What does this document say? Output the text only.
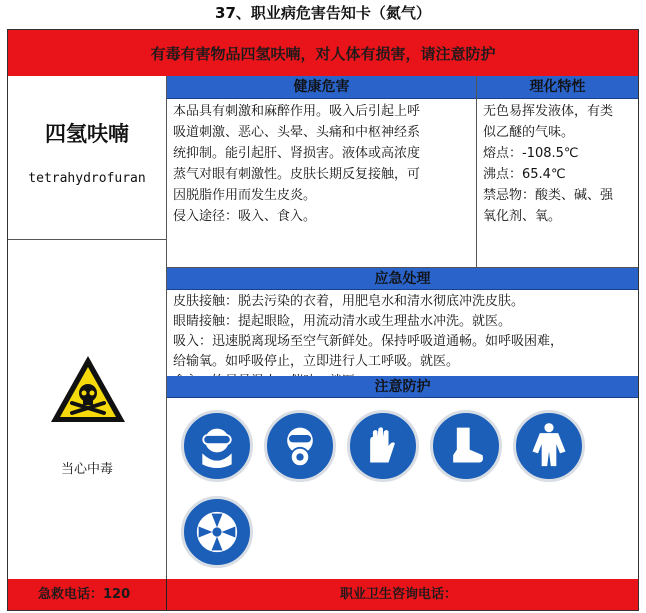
37、职业病危害告知卡（氮气）
有毒有害物品四氢呋喃，对人体有损害，请注意防护
四氢呋喃
tetrahydrofuran
健康危害
本品具有刺激和麻醉作用。吸入后引起上呼
吸道刺激、恶心、头晕、头痛和中枢神经系
统抑制。能引起肝、肾损害。液体或高浓度
蒸气对眼有刺激性。皮肤长期反复接触，可
因脱脂作用而发生皮炎。
侵入途径：吸入、食入。
理化特性
无色易挥发液体，有类
似乙醚的气味。
熔点：-108.5℃
沸点：65.4℃
禁忌物：酸类、碱、强
氧化剂、氧。
应急处理
皮肤接触：脱去污染的衣着，用肥皂水和清水彻底冲洗皮肤。
眼睛接触：提起眼睑，用流动清水或生理盐水冲洗。就医。
吸入：迅速脱离现场至空气新鲜处。保持呼吸道通畅。如呼吸困难，
给输氧。如呼吸停止，立即进行人工呼吸。就医。
注意防护
当心中毒
急救电话：120	职业卫生咨询电话：
